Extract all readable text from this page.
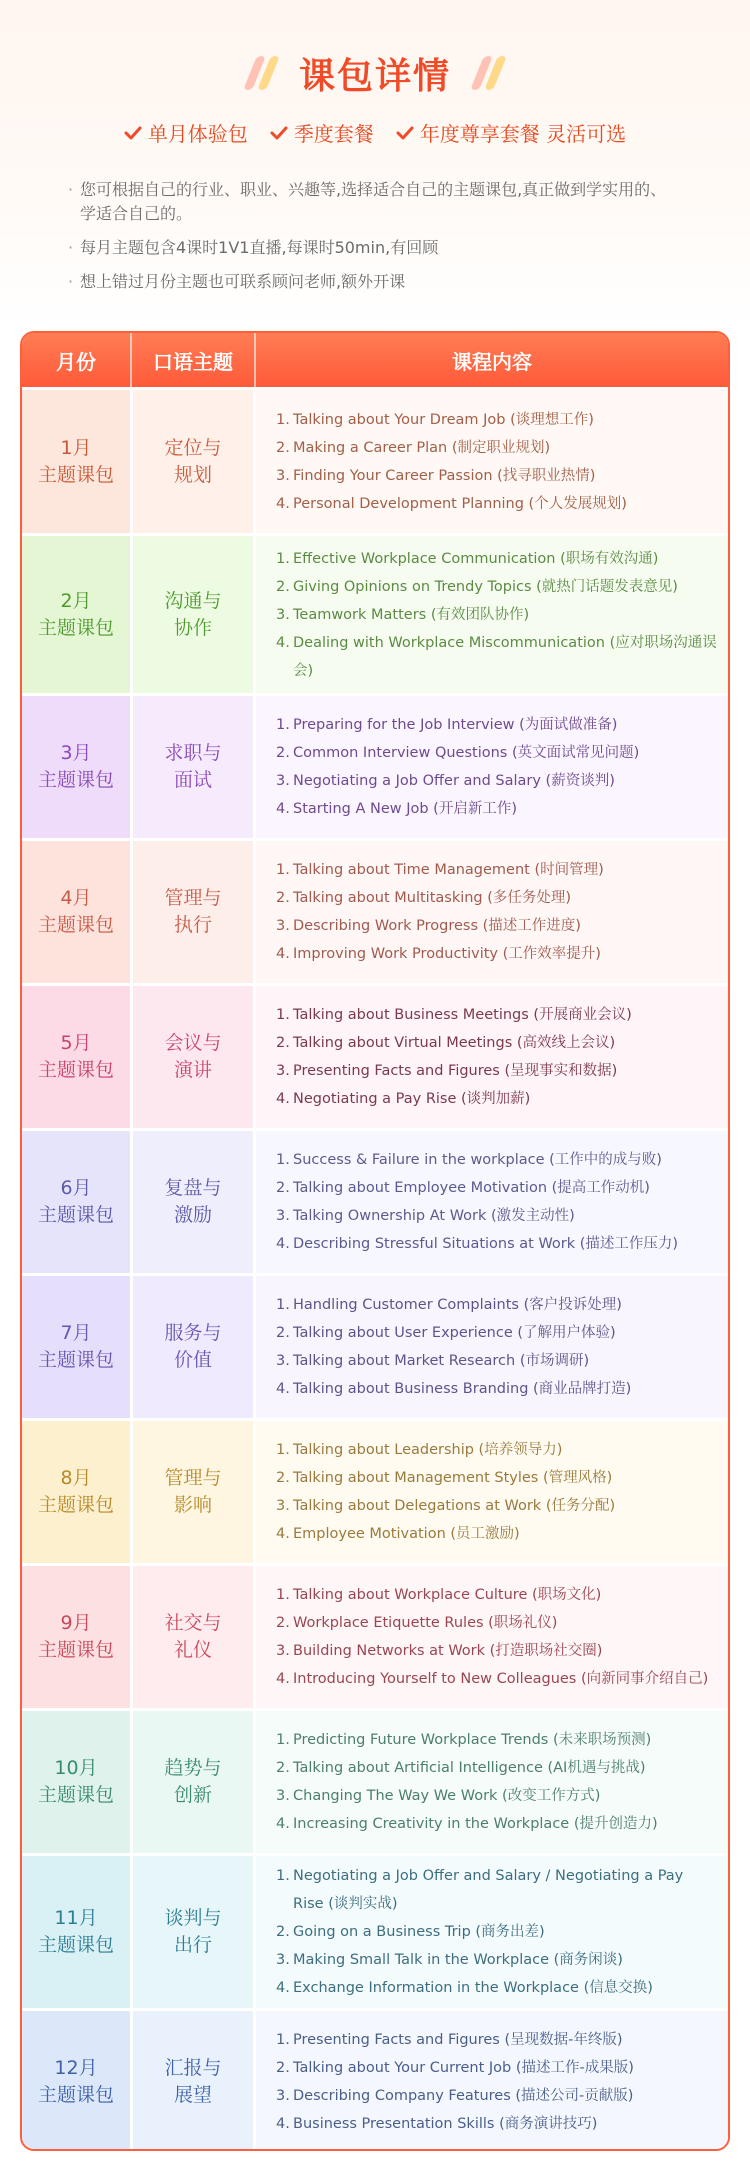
课包详情
单月体验包 季度套餐 年度尊享套餐 灵活可选
· 您可根据自己的行业、职业、兴趣等,选择适合自己的主题课包,真正做到学实用的、学适合自己的。
· 每月主题包含4课时1V1直播,每课时50min,有回顾
· 想上错过月份主题也可联系顾问老师,额外开课
月份	口语主题	课程内容
1月
主题课包
定位与
规划
1. Talking about Your Dream Job (谈理想工作)
2. Making a Career Plan (制定职业规划)
3. Finding Your Career Passion (找寻职业热情)
4. Personal Development Planning (个人发展规划)
2月
主题课包
沟通与
协作
1. Effective Workplace Communication (职场有效沟通)
2. Giving Opinions on Trendy Topics (就热门话题发表意见)
3. Teamwork Matters (有效团队协作)
4. Dealing with Workplace Miscommunication (应对职场沟通误会)
3月
主题课包
求职与
面试
1. Preparing for the Job Interview (为面试做准备)
2. Common Interview Questions (英文面试常见问题)
3. Negotiating a Job Offer and Salary (薪资谈判)
4. Starting A New Job (开启新工作)
4月
主题课包
管理与
执行
1. Talking about Time Management (时间管理)
2. Talking about Multitasking (多任务处理)
3. Describing Work Progress (描述工作进度)
4. Improving Work Productivity (工作效率提升)
5月
主题课包
会议与
演讲
1. Talking about Business Meetings (开展商业会议)
2. Talking about Virtual Meetings (高效线上会议)
3. Presenting Facts and Figures (呈现事实和数据)
4. Negotiating a Pay Rise (谈判加薪)
6月
主题课包
复盘与
激励
1. Success & Failure in the workplace (工作中的成与败)
2. Talking about Employee Motivation (提高工作动机)
3. Talking Ownership At Work (激发主动性)
4. Describing Stressful Situations at Work (描述工作压力)
7月
主题课包
服务与
价值
1. Handling Customer Complaints (客户投诉处理)
2. Talking about User Experience (了解用户体验)
3. Talking about Market Research (市场调研)
4. Talking about Business Branding (商业品牌打造)
8月
主题课包
管理与
影响
1. Talking about Leadership (培养领导力)
2. Talking about Management Styles (管理风格)
3. Talking about Delegations at Work (任务分配)
4. Employee Motivation (员工激励)
9月
主题课包
社交与
礼仪
1. Talking about Workplace Culture (职场文化)
2. Workplace Etiquette Rules (职场礼仪)
3. Building Networks at Work (打造职场社交圈)
4. Introducing Yourself to New Colleagues (向新同事介绍自己)
10月
主题课包
趋势与
创新
1. Predicting Future Workplace Trends (未来职场预测)
2. Talking about Artificial Intelligence (AI机遇与挑战)
3. Changing The Way We Work (改变工作方式)
4. Increasing Creativity in the Workplace (提升创造力)
11月
主题课包
谈判与
出行
1. Negotiating a Job Offer and Salary / Negotiating a Pay Rise (谈判实战)
2. Going on a Business Trip (商务出差)
3. Making Small Talk in the Workplace (商务闲谈)
4. Exchange Information in the Workplace (信息交换)
12月
主题课包
汇报与
展望
1. Presenting Facts and Figures (呈现数据-年终版)
2. Talking about Your Current Job (描述工作-成果版)
3. Describing Company Features (描述公司-贡献版)
4. Business Presentation Skills (商务演讲技巧)
